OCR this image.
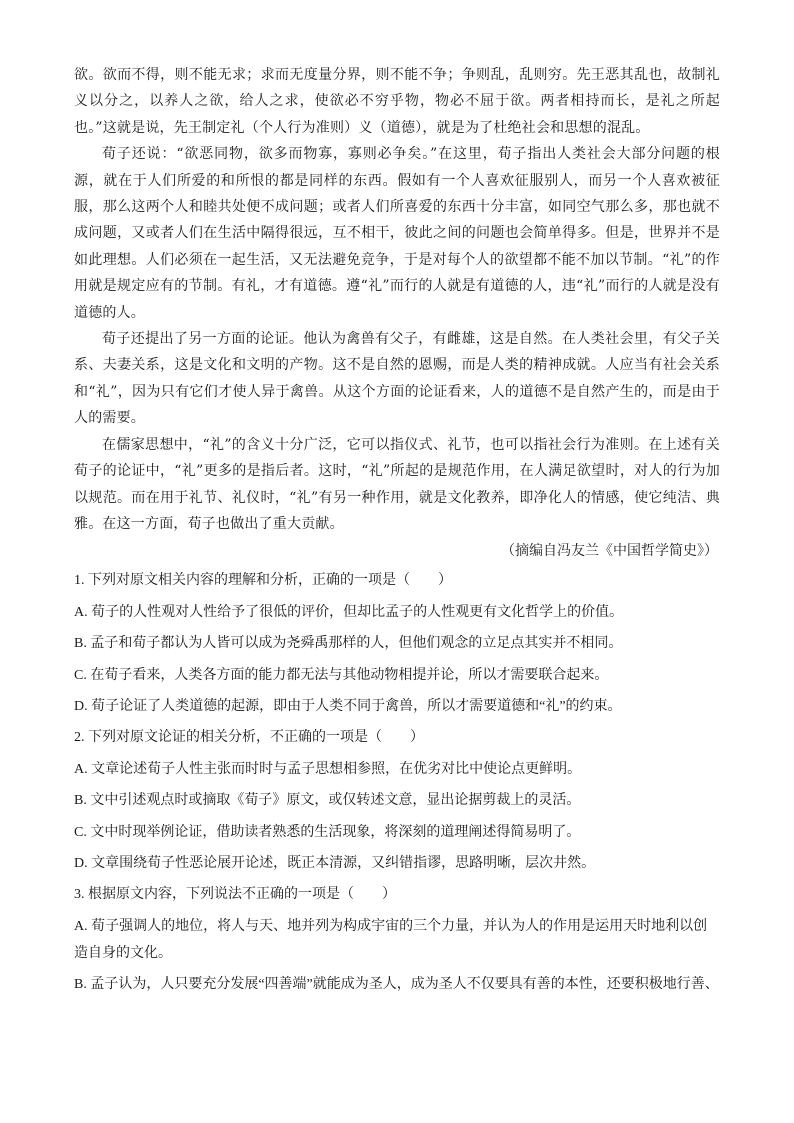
欲。欲而不得，则不能无求；求而无度量分界，则不能不争；争则乱，乱则穷。先王恶其乱也，故制礼义以分之，以养人之欲，给人之求，使欲必不穷乎物，物必不屈于欲。两者相持而长，是礼之所起也。”这就是说，先王制定礼（个人行为准则）义（道德），就是为了杜绝社会和思想的混乱。

荀子还说：“欲恶同物，欲多而物寡，寡则必争矣。”在这里，荀子指出人类社会大部分问题的根源，就在于人们所爱的和所恨的都是同样的东西。假如有一个人喜欢征服别人，而另一个人喜欢被征服，那么这两个人和睦共处便不成问题；或者人们所喜爱的东西十分丰富，如同空气那么多，那也就不成问题，又或者人们在生活中隔得很远，互不相干，彼此之间的问题也会简单得多。但是，世界并不是如此理想。人们必须在一起生活，又无法避免竞争，于是对每个人的欲望都不能不加以节制。“礼”的作用就是规定应有的节制。有礼，才有道德。遵“礼”而行的人就是有道德的人，违“礼”而行的人就是没有道德的人。

荀子还提出了另一方面的论证。他认为禽兽有父子，有雌雄，这是自然。在人类社会里，有父子关系、夫妻关系，这是文化和文明的产物。这不是自然的恩赐，而是人类的精神成就。人应当有社会关系和“礼”，因为只有它们才使人异于禽兽。从这个方面的论证看来，人的道德不是自然产生的，而是由于人的需要。

在儒家思想中，“礼”的含义十分广泛，它可以指仪式、礼节，也可以指社会行为准则。在上述有关荀子的论证中，“礼”更多的是指后者。这时，“礼”所起的是规范作用，在人满足欲望时，对人的行为加以规范。而在用于礼节、礼仪时，“礼”有另一种作用，就是文化教养，即净化人的情感，使它纯洁、典雅。在这一方面，荀子也做出了重大贡献。

（摘编自冯友兰《中国哲学简史》）

1. 下列对原文相关内容的理解和分析，正确的一项是（　　）

A. 荀子的人性观对人性给予了很低的评价，但却比孟子的人性观更有文化哲学上的价值。

B. 孟子和荀子都认为人皆可以成为尧舜禹那样的人，但他们观念的立足点其实并不相同。

C. 在荀子看来，人类各方面的能力都无法与其他动物相提并论，所以才需要联合起来。

D. 荀子论证了人类道德的起源，即由于人类不同于禽兽，所以才需要道德和“礼”的约束。

2. 下列对原文论证的相关分析，不正确的一项是（　　）

A. 文章论述荀子人性主张而时时与孟子思想相参照，在优劣对比中使论点更鲜明。

B. 文中引述观点时或摘取《荀子》原文，或仅转述文意，显出论据剪裁上的灵活。

C. 文中时现举例论证，借助读者熟悉的生活现象，将深刻的道理阐述得简易明了。

D. 文章围绕荀子性恶论展开论述，既正本清源，又纠错指谬，思路明晰，层次井然。

3. 根据原文内容，下列说法不正确的一项是（　　）

A. 荀子强调人的地位，将人与天、地并列为构成宇宙的三个力量，并认为人的作用是运用天时地利以创造自身的文化。

B. 孟子认为，人只要充分发展“四善端”就能成为圣人，成为圣人不仅要具有善的本性，还要积极地行善、
